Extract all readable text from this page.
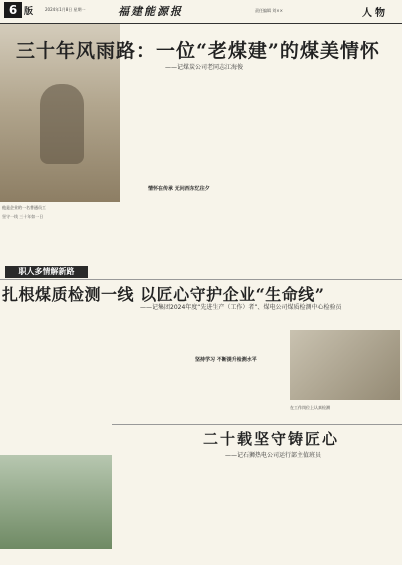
6 版	2024年1月8日 星期一	福建能源报	责任编辑 刘××	人物
三十年风雨路：一位“老煤建”的煤美情怀
——记煤炭公司老同志江海俊
情怀在传承 无问西东忆往夕
他是企业的一名普通员工
坚守一线 三十年如一日
职人多情解新路
扎根煤质检测一线 以匠心守护企业“生命线”
——记集团2024年度“先进生产（工作）者”、煤电公司煤质检测中心检验员
坚持学习 不断提升检测水平
在工作岗位上认真检测
二十载坚守铸匠心
——记石狮热电公司运行部主值班员
